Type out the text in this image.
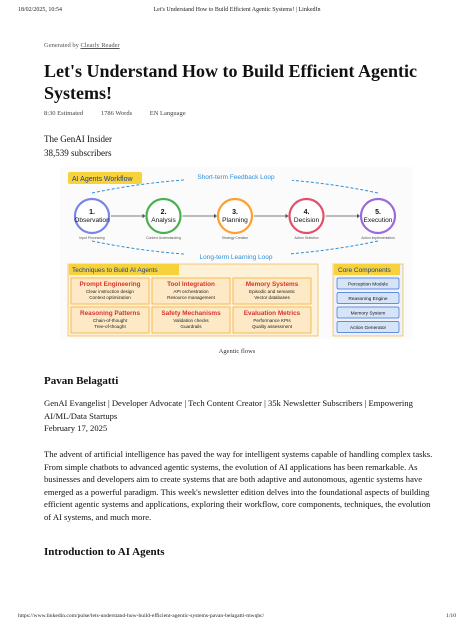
18/02/2025, 10:54	Let's Understand How to Build Efficient Agentic Systems! | LinkedIn
Generated by Clearly Reader
Let's Understand How to Build Efficient Agentic Systems!
8:30 Estimated	1786 Words	EN Language
The GenAI Insider
38,539 subscribers
AI Agents Workflow	Short-term Feedback Loop
Long-term Learning Loop
1.
Observation
Input Processing
2.
Analysis
Context Understanding
3.
Planning
Strategy Creation
4.
Decision
Action Selection
5.
Execution
Action Implementation
Techniques to Build AI Agents
Prompt Engineering
Clear instruction design
Context optimization
Tool Integration
API orchestration
Resource management
Memory Systems
Episodic and semantic
Vector databases
Reasoning Patterns
Chain-of-thought
Tree-of-thought
Safety Mechanisms
Validation checks
Guardrails
Evaluation Metrics
Performance KPIs
Quality assessment
Core Components
Perception Module
Reasoning Engine
Memory System
Action Generator
Agentic flows
Pavan Belagatti
GenAI Evangelist | Developer Advocate | Tech Content Creator | 35k Newsletter Subscribers | Empowering AI/ML/Data Startups
February 17, 2025
The advent of artificial intelligence has paved the way for intelligent systems capable of handling complex tasks. From simple chatbots to advanced agentic systems, the evolution of AI applications has been remarkable. As businesses and developers aim to create systems that are both adaptive and autonomous, agentic systems have emerged as a powerful paradigm. This week's newsletter edition delves into the foundational aspects of building efficient agentic systems and applications, exploring their workflow, core components, techniques, the evolution of AI systems, and much more.
Introduction to AI Agents
https://www.linkedin.com/pulse/lets-understand-how-build-efficient-agentic-systems-pavan-belagatti-mwqbc/	1/10
